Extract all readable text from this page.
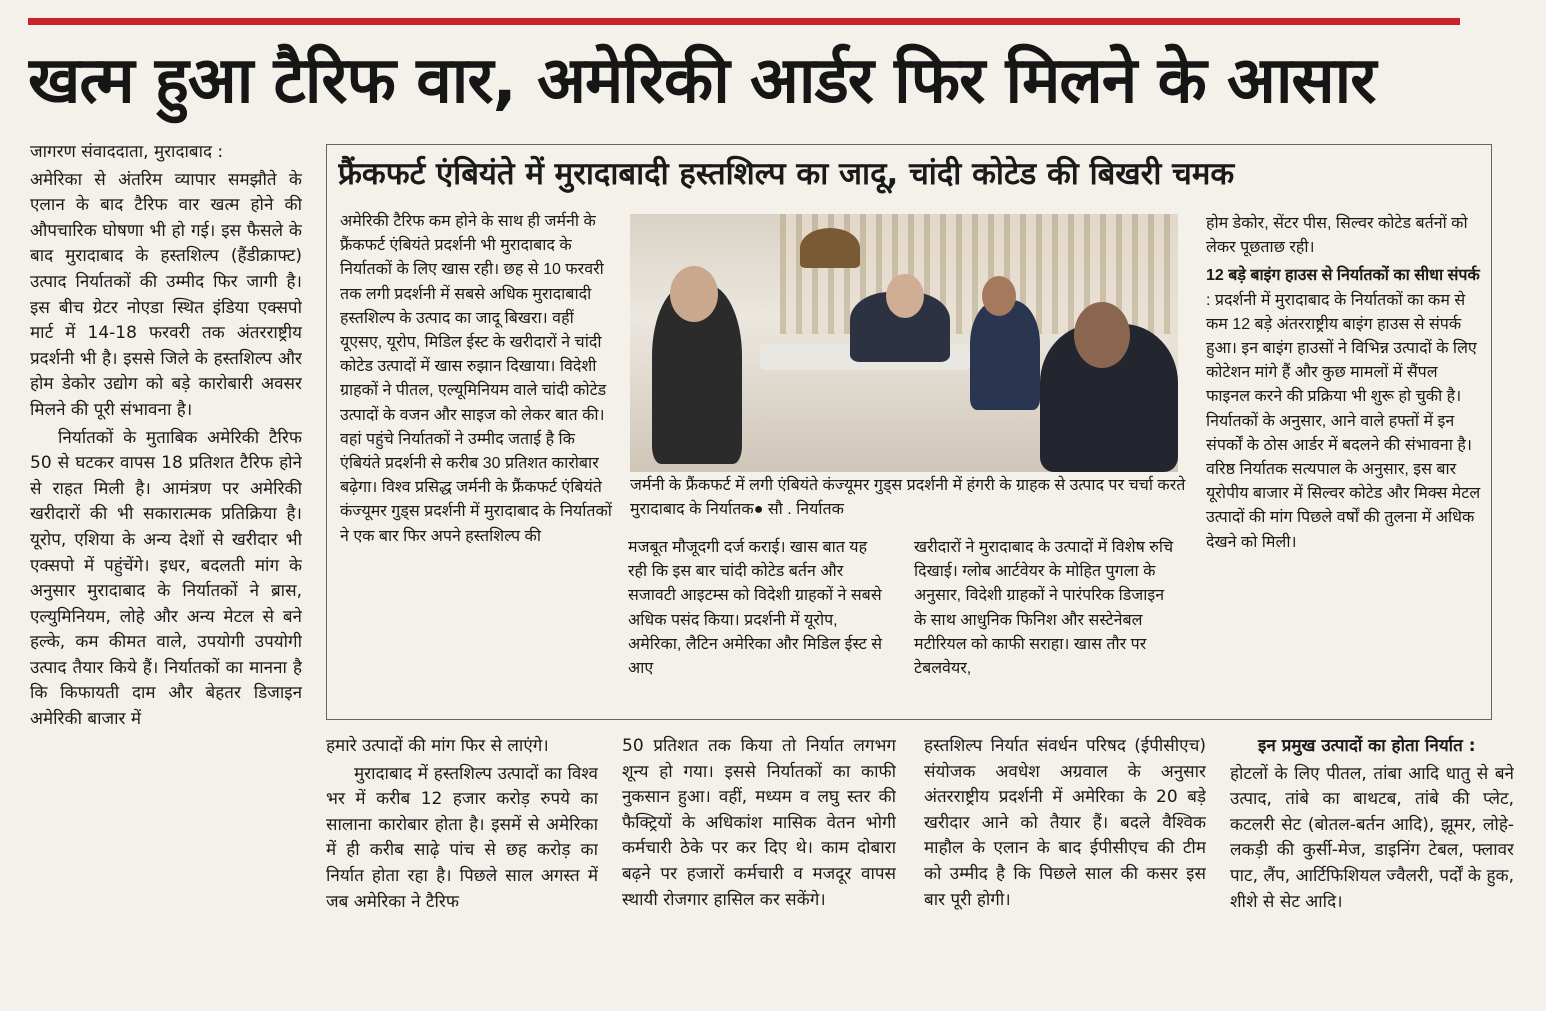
खत्म हुआ टैरिफ वार, अमेरिकी आर्डर फिर मिलने के आसार

जागरण संवाददाता, मुरादाबाद :

अमेरिका से अंतरिम व्यापार समझौते के एलान के बाद टैरिफ वार खत्म होने की औपचारिक घोषणा भी हो गई। इस फैसले के बाद मुरादाबाद के हस्तशिल्प (हैंडीक्राफ्ट) उत्पाद निर्यातकों की उम्मीद फिर जागी है। इस बीच ग्रेटर नोएडा स्थित इंडिया एक्सपो मार्ट में 14-18 फरवरी तक अंतरराष्ट्रीय प्रदर्शनी भी है। इससे जिले के हस्तशिल्प और होम डेकोर उद्योग को बड़े कारोबारी अवसर मिलने की पूरी संभावना है।

निर्यातकों के मुताबिक अमेरिकी टैरिफ 50 से घटकर वापस 18 प्रतिशत टैरिफ होने से राहत मिली है। आमंत्रण पर अमेरिकी खरीदारों की भी सकारात्मक प्रतिक्रिया है। यूरोप, एशिया के अन्य देशों से खरीदार भी एक्सपो में पहुंचेंगे। इधर, बदलती मांग के अनुसार मुरादाबाद के निर्यातकों ने ब्रास, एल्युमिनियम, लोहे और अन्य मेटल से बने हल्के, कम कीमत वाले, उपयोगी उपयोगी उत्पाद तैयार किये हैं। निर्यातकों का मानना है कि किफायती दाम और बेहतर डिजाइन अमेरिकी बाजार में

फ्रैंकफर्ट एंबियंते में मुरादाबादी हस्तशिल्प का जादू, चांदी कोटेड की बिखरी चमक

अमेरिकी टैरिफ कम होने के साथ ही जर्मनी के फ्रैंकफर्ट एंबियंते प्रदर्शनी भी मुरादाबाद के निर्यातकों के लिए खास रही। छह से 10 फरवरी तक लगी प्रदर्शनी में सबसे अधिक मुरादाबादी हस्तशिल्प के उत्पाद का जादू बिखरा। वहीं यूएसए, यूरोप, मिडिल ईस्ट के खरीदारों ने चांदी कोटेड उत्पादों में खास रुझान दिखाया। विदेशी ग्राहकों ने पीतल, एल्यूमिनियम वाले चांदी कोटेड उत्पादों के वजन और साइज को लेकर बात की। वहां पहुंचे निर्यातकों ने उम्मीद जताई है कि एंबियंते प्रदर्शनी से करीब 30 प्रतिशत कारोबार बढ़ेगा। विश्व प्रसिद्ध जर्मनी के फ्रैंकफर्ट एंबियंते कंज्यूमर गुड्स प्रदर्शनी में मुरादाबाद के निर्यातकों ने एक बार फिर अपने हस्तशिल्प की

जर्मनी के फ्रैंकफर्ट में लगी एंबियंते कंज्यूमर गुड्स प्रदर्शनी में हंगरी के ग्राहक से उत्पाद पर चर्चा करते मुरादाबाद के निर्यातक● सौ . निर्यातक

मजबूत मौजूदगी दर्ज कराई। खास बात यह रही कि इस बार चांदी कोटेड बर्तन और सजावटी आइटम्स को विदेशी ग्राहकों ने सबसे अधिक पसंद किया। प्रदर्शनी में यूरोप, अमेरिका, लैटिन अमेरिका और मिडिल ईस्ट से आए

खरीदारों ने मुरादाबाद के उत्पादों में विशेष रुचि दिखाई। ग्लोब आर्टवेयर के मोहित पुगला के अनुसार, विदेशी ग्राहकों ने पारंपरिक डिजाइन के साथ आधुनिक फिनिश और सस्टेनेबल मटीरियल को काफी सराहा। खास तौर पर टेबलवेयर,

होम डेकोर, सेंटर पीस, सिल्वर कोटेड बर्तनों को लेकर पूछताछ रही।

12 बड़े बाइंग हाउस से निर्यातकों का सीधा संपर्क : प्रदर्शनी में मुरादाबाद के निर्यातकों का कम से कम 12 बड़े अंतरराष्ट्रीय बाइंग हाउस से संपर्क हुआ। इन बाइंग हाउसों ने विभिन्न उत्पादों के लिए कोटेशन मांगे हैं और कुछ मामलों में सैंपल फाइनल करने की प्रक्रिया भी शुरू हो चुकी है। निर्यातकों के अनुसार, आने वाले हफ्तों में इन संपर्कों के ठोस आर्डर में बदलने की संभावना है। वरिष्ठ निर्यातक सत्यपाल के अनुसार, इस बार यूरोपीय बाजार में सिल्वर कोटेड और मिक्स मेटल उत्पादों की मांग पिछले वर्षों की तुलना में अधिक देखने को मिली।

हमारे उत्पादों की मांग फिर से लाएंगे।

मुरादाबाद में हस्तशिल्प उत्पादों का विश्व भर में करीब 12 हजार करोड़ रुपये का सालाना कारोबार होता है। इसमें से अमेरिका में ही करीब साढ़े पांच से छह करोड़ का निर्यात होता रहा है। पिछले साल अगस्त में जब अमेरिका ने टैरिफ

50 प्रतिशत तक किया तो निर्यात लगभग शून्य हो गया। इससे निर्यातकों का काफी नुकसान हुआ। वहीं, मध्यम व लघु स्तर की फैक्ट्रियों के अधिकांश मासिक वेतन भोगी कर्मचारी ठेके पर कर दिए थे। काम दोबारा बढ़ने पर हजारों कर्मचारी व मजदूर वापस स्थायी रोजगार हासिल कर सकेंगे।

हस्तशिल्प निर्यात संवर्धन परिषद (ईपीसीएच) संयोजक अवधेश अग्रवाल के अनुसार अंतरराष्ट्रीय प्रदर्शनी में अमेरिका के 20 बड़े खरीदार आने को तैयार हैं। बदले वैश्विक माहौल के एलान के बाद ईपीसीएच की टीम को उम्मीद है कि पिछले साल की कसर इस बार पूरी होगी।

इन प्रमुख उत्पादों का होता निर्यात :

होटलों के लिए पीतल, तांबा आदि धातु से बने उत्पाद, तांबे का बाथटब, तांबे की प्लेट, कटलरी सेट (बोतल-बर्तन आदि), झूमर, लोहे-लकड़ी की कुर्सी-मेज, डाइनिंग टेबल, फ्लावर पाट, लैंप, आर्टिफिशियल ज्वैलरी, पर्दों के हुक, शीशे से सेट आदि।
